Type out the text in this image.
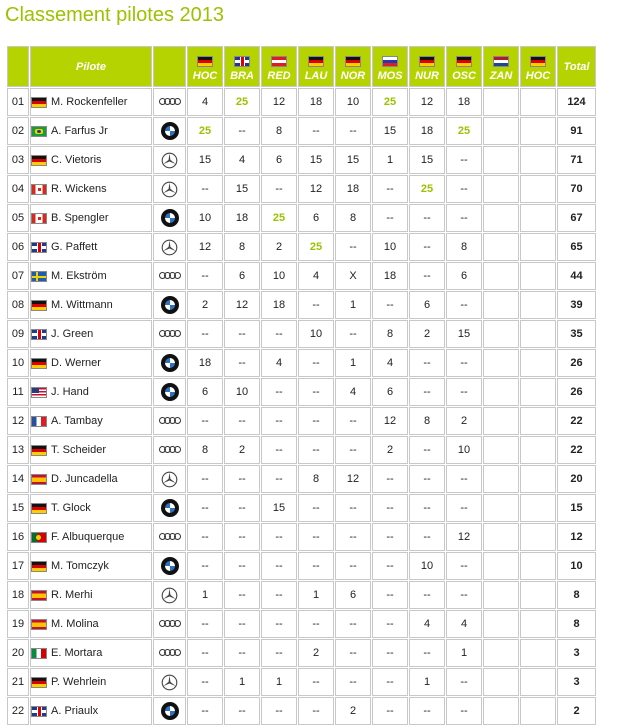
Classement pilotes 2013
	Pilote		HOC	BRA	RED	LAU	NOR	MOS	NUR	OSC	ZAN	HOC	Total
01	M. Rockenfeller		4	25	12	18	10	25	12	18			124
02	A. Farfus Jr		25	--	8	--	--	15	18	25			91
03	C. Vietoris		15	4	6	15	15	1	15	--			71
04	R. Wickens		--	15	--	12	18	--	25	--			70
05	B. Spengler		10	18	25	6	8	--	--	--			67
06	G. Paffett		12	8	2	25	--	10	--	8			65
07	M. Ekström		--	6	10	4	X	18	--	6			44
08	M. Wittmann		2	12	18	--	1	--	6	--			39
09	J. Green		--	--	--	10	--	8	2	15			35
10	D. Werner		18	--	4	--	1	4	--	--			26
11	J. Hand		6	10	--	--	4	6	--	--			26
12	A. Tambay		--	--	--	--	--	12	8	2			22
13	T. Scheider		8	2	--	--	--	2	--	10			22
14	D. Juncadella		--	--	--	8	12	--	--	--			20
15	T. Glock		--	--	15	--	--	--	--	--			15
16	F. Albuquerque		--	--	--	--	--	--	--	12			12
17	M. Tomczyk		--	--	--	--	--	--	10	--			10
18	R. Merhi		1	--	--	1	6	--	--	--			8
19	M. Molina		--	--	--	--	--	--	4	4			8
20	E. Mortara		--	--	--	2	--	--	--	1			3
21	P. Wehrlein		--	1	1	--	--	--	1	--			3
22	A. Priaulx		--	--	--	--	2	--	--	--			2
